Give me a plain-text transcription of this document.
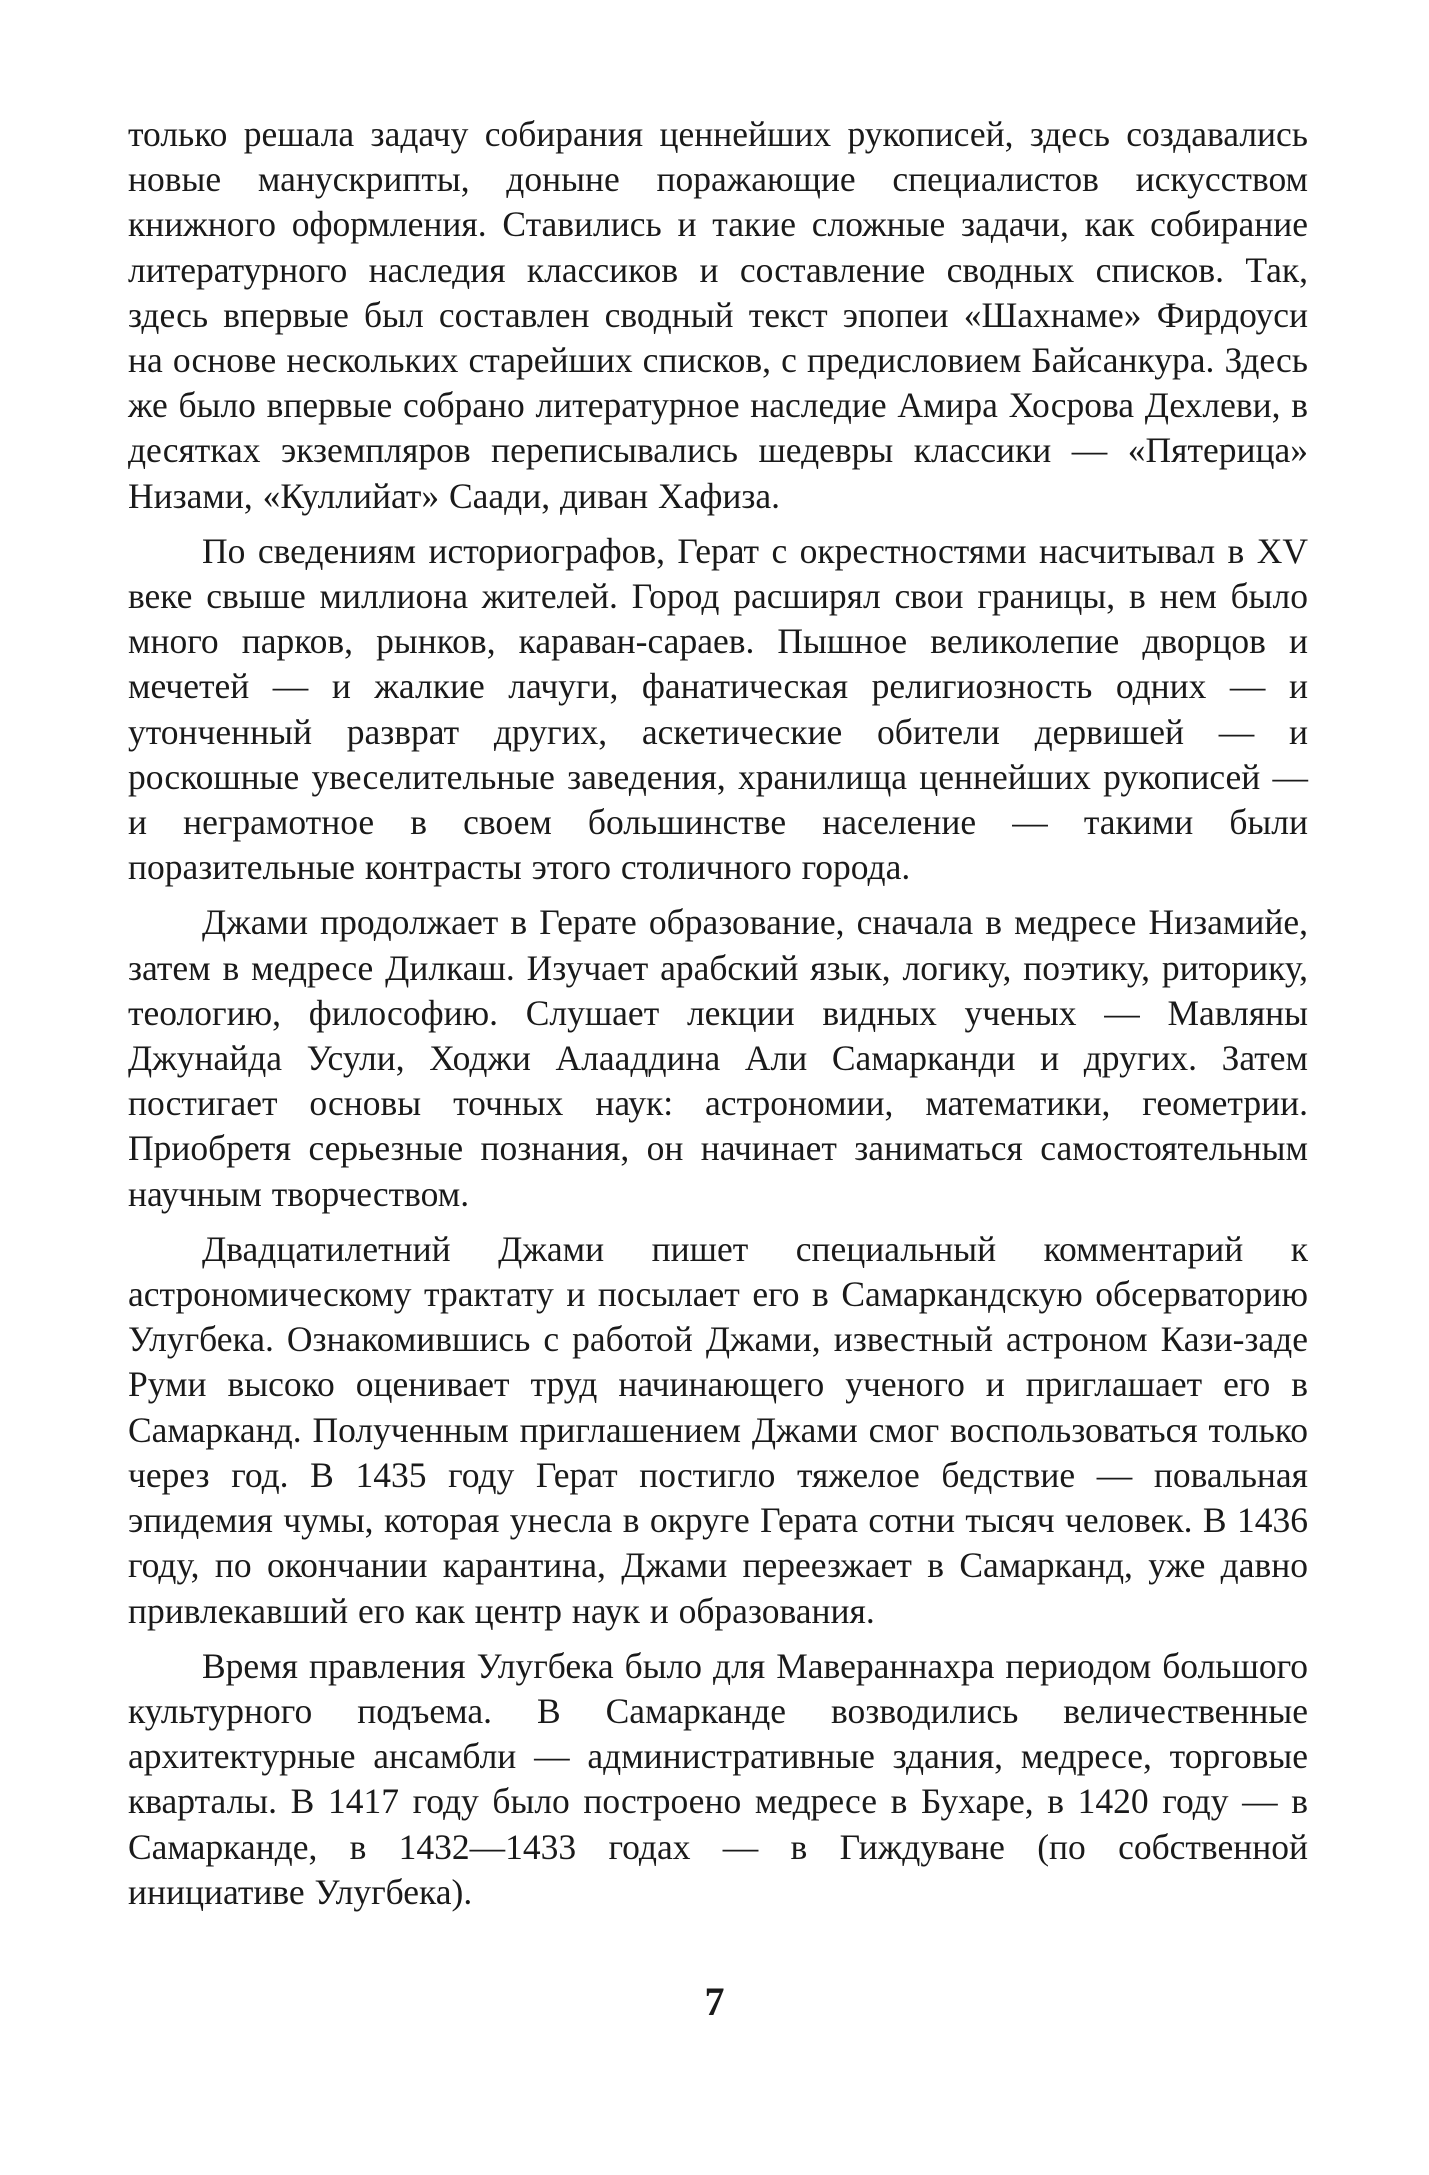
только решала задачу собирания ценнейших рукописей, здесь создавались новые манускрипты, доныне поражающие специалистов искусством книжного оформления. Ставились и такие сложные задачи, как собирание литературного наследия классиков и составление сводных списков. Так, здесь впервые был составлен сводный текст эпопеи «Шахнаме» Фирдоуси на основе нескольких старейших списков, с предисловием Байсанкура. Здесь же было впервые собрано литературное наследие Амира Хосрова Дехлеви, в десятках экземпляров переписывались шедевры классики — «Пятерица» Низами, «Куллийат» Саади, диван Хафиза.

По сведениям историографов, Герат с окрестностями насчитывал в XV веке свыше миллиона жителей. Город расширял свои границы, в нем было много парков, рынков, караван-сараев. Пышное великолепие дворцов и мечетей — и жалкие лачуги, фанатическая религиозность одних — и утонченный разврат других, аскетические обители дервишей — и роскошные увеселительные заведения, хранилища ценнейших рукописей — и неграмотное в своем большинстве население — такими были поразительные контрасты этого столичного города.

Джами продолжает в Герате образование, сначала в медресе Низамийе, затем в медресе Дилкаш. Изучает арабский язык, логику, поэтику, риторику, теологию, философию. Слушает лекции видных ученых — Мавляны Джунайда Усули, Ходжи Алааддина Али Самарканди и других. Затем постигает основы точных наук: астрономии, математики, геометрии. Приобретя серьезные познания, он начинает заниматься самостоятельным научным творчеством.

Двадцатилетний Джами пишет специальный комментарий к астрономическому трактату и посылает его в Самаркандскую обсерваторию Улугбека. Ознакомившись с работой Джами, известный астроном Кази-заде Руми высоко оценивает труд начинающего ученого и приглашает его в Самарканд. Полученным приглашением Джами смог воспользоваться только через год. В 1435 году Герат постигло тяжелое бедствие — повальная эпидемия чумы, которая унесла в округе Герата сотни тысяч человек. В 1436 году, по окончании карантина, Джами переезжает в Самарканд, уже давно привлекавший его как центр наук и образования.

Время правления Улугбека было для Мавераннахра периодом большого культурного подъема. В Самарканде возводились величественные архитектурные ансамбли — административные здания, медресе, торговые кварталы. В 1417 году было построено медресе в Бухаре, в 1420 году — в Самарканде, в 1432—1433 годах — в Гиждуване (по собственной инициативе Улугбека).

7
